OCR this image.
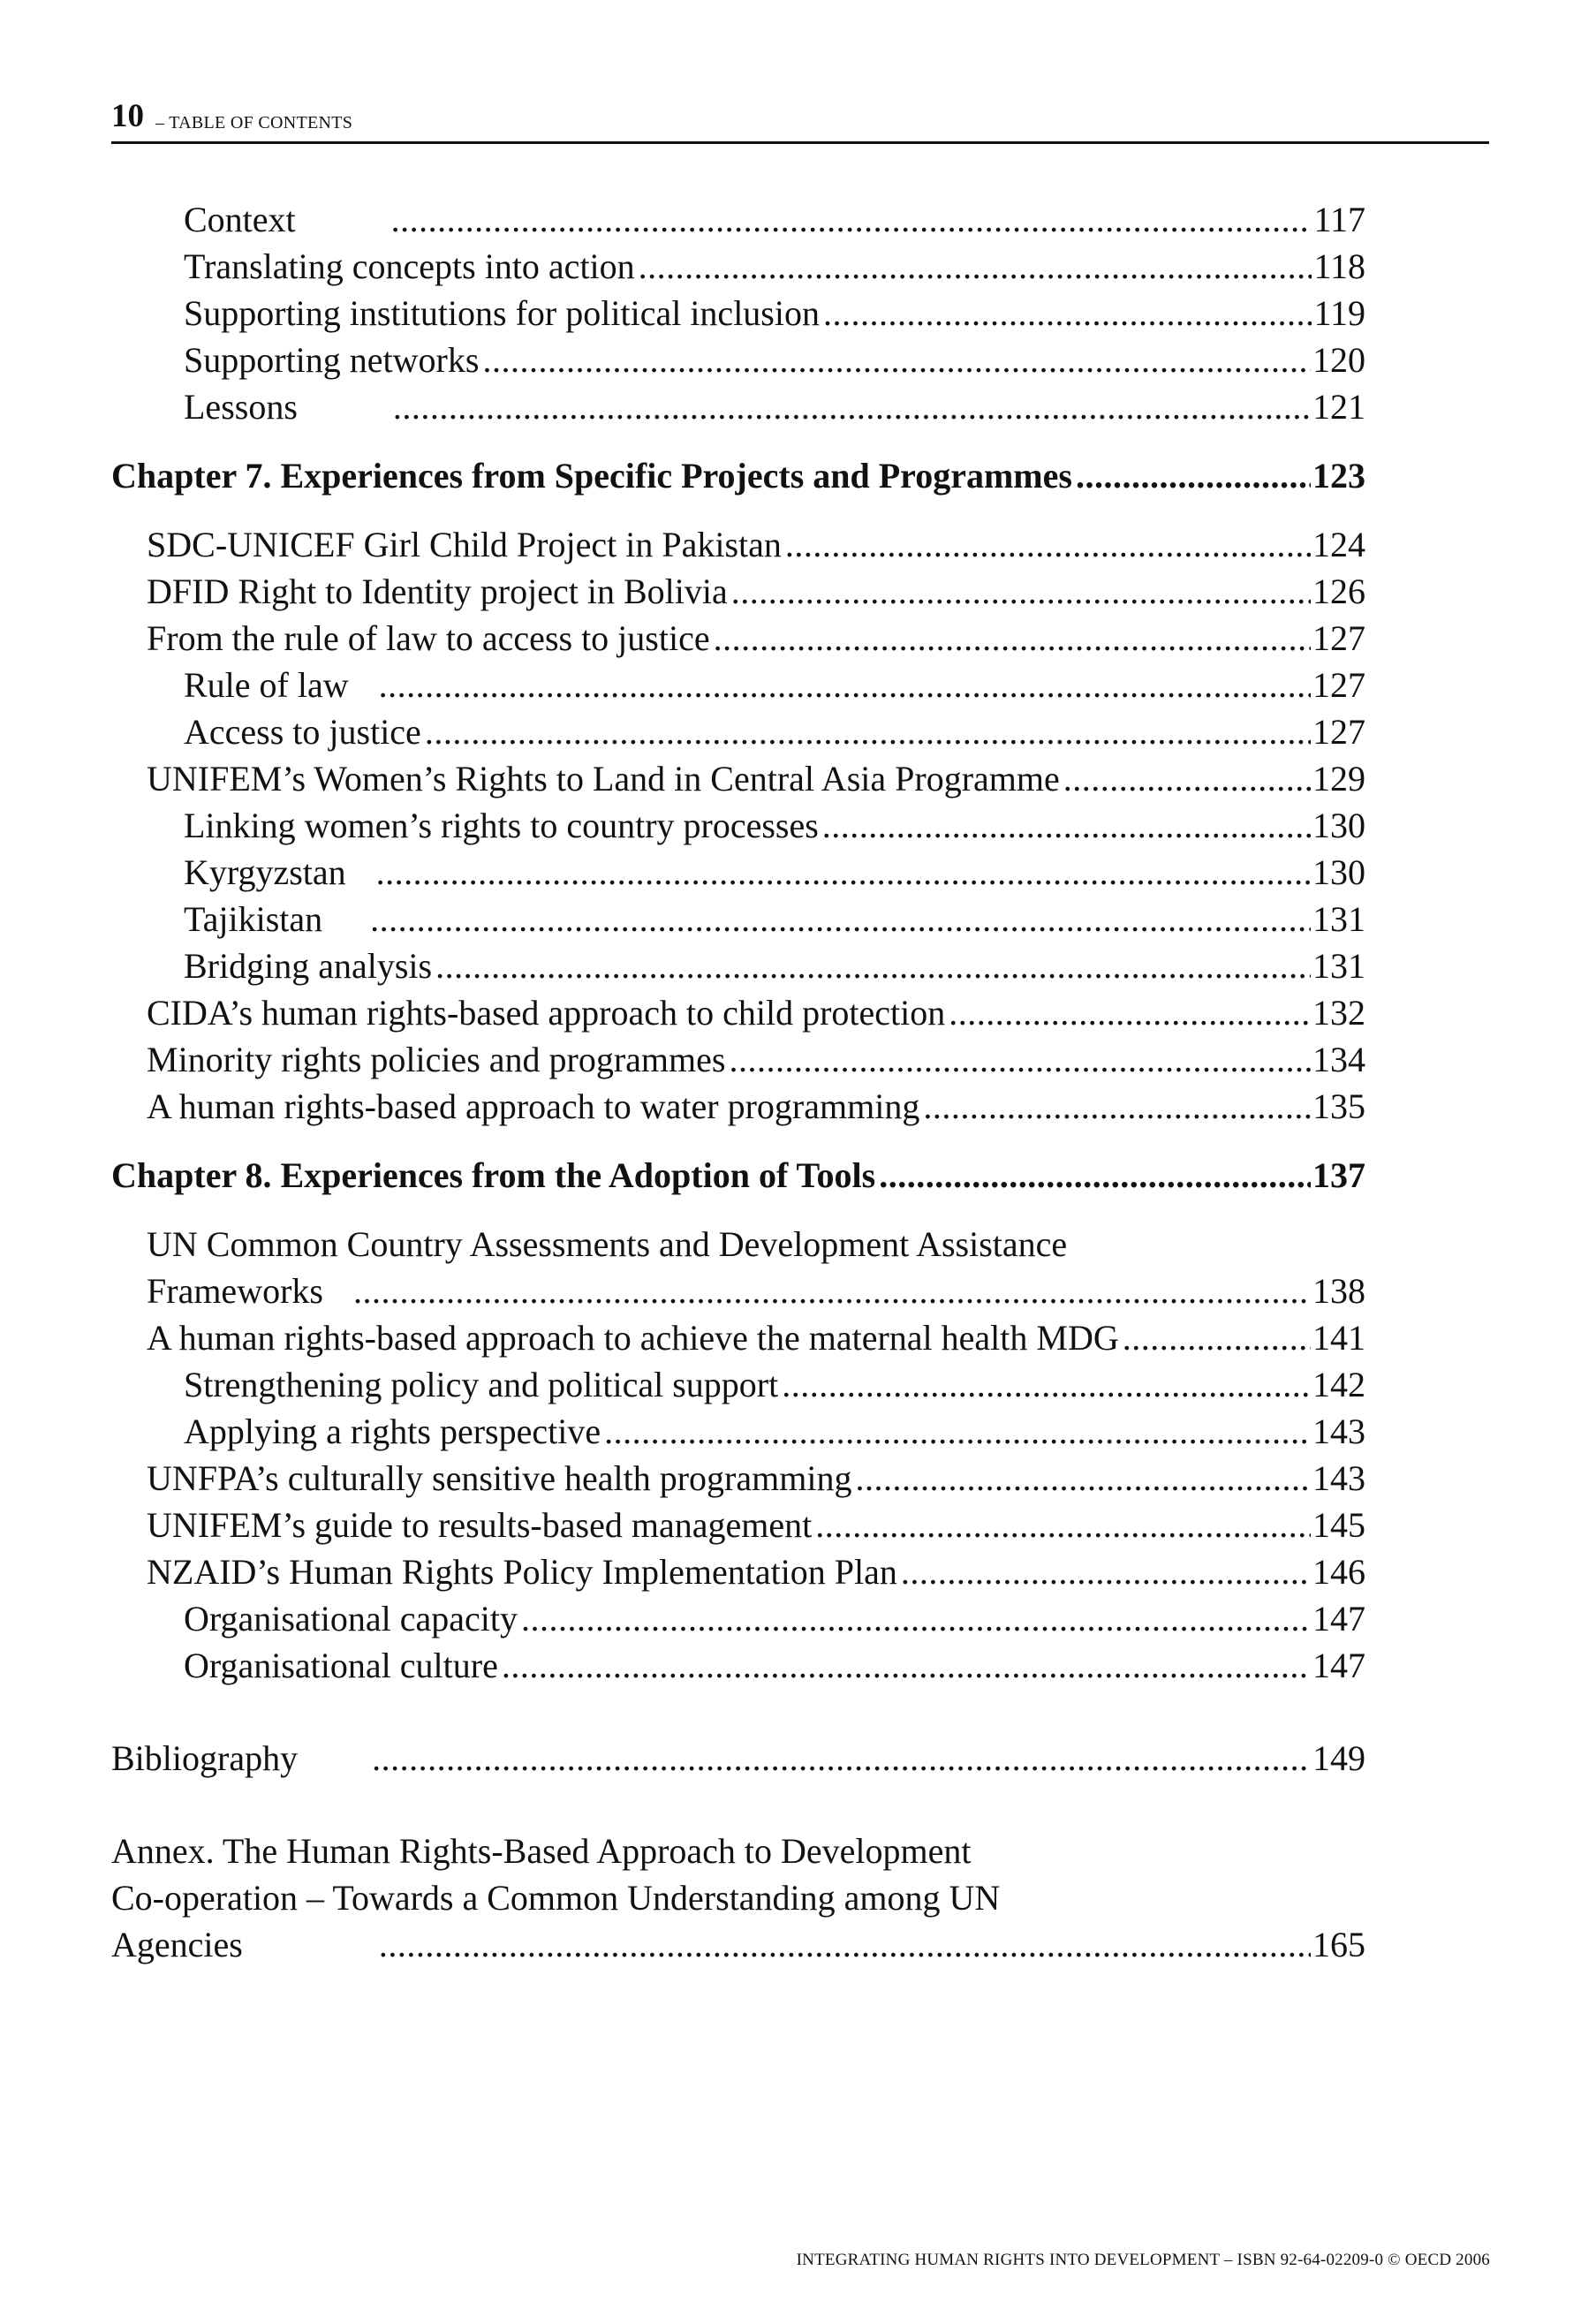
10 – TABLE OF CONTENTS
Context .....	117
Translating concepts into action .....	118
Supporting institutions for political inclusion .....	119
Supporting networks .....	120
Lessons .....	121
Chapter 7. Experiences from Specific Projects and Programmes .....	123
SDC-UNICEF Girl Child Project in Pakistan .....	124
DFID Right to Identity project in Bolivia .....	126
From the rule of law to access to justice .....	127
Rule of law .....	127
Access to justice .....	127
UNIFEM’s Women’s Rights to Land in Central Asia Programme .....	129
Linking women’s rights to country processes .....	130
Kyrgyzstan .....	130
Tajikistan .....	131
Bridging analysis .....	131
CIDA’s human rights-based approach to child protection .....	132
Minority rights policies and programmes .....	134
A human rights-based approach to water programming .....	135
Chapter 8. Experiences from the Adoption of Tools .....	137
UN Common Country Assessments and Development Assistance
Frameworks .....	138
A human rights-based approach to achieve the maternal health MDG .....	141
Strengthening policy and political support .....	142
Applying a rights perspective .....	143
UNFPA’s culturally sensitive health programming .....	143
UNIFEM’s guide to results-based management .....	145
NZAID’s Human Rights Policy Implementation Plan .....	146
Organisational capacity .....	147
Organisational culture .....	147
Bibliography .....	149
Annex. The Human Rights-Based Approach to Development
Co-operation – Towards a Common Understanding among UN
Agencies .....	165
INTEGRATING HUMAN RIGHTS INTO DEVELOPMENT – ISBN 92-64-02209-0 © OECD 2006
